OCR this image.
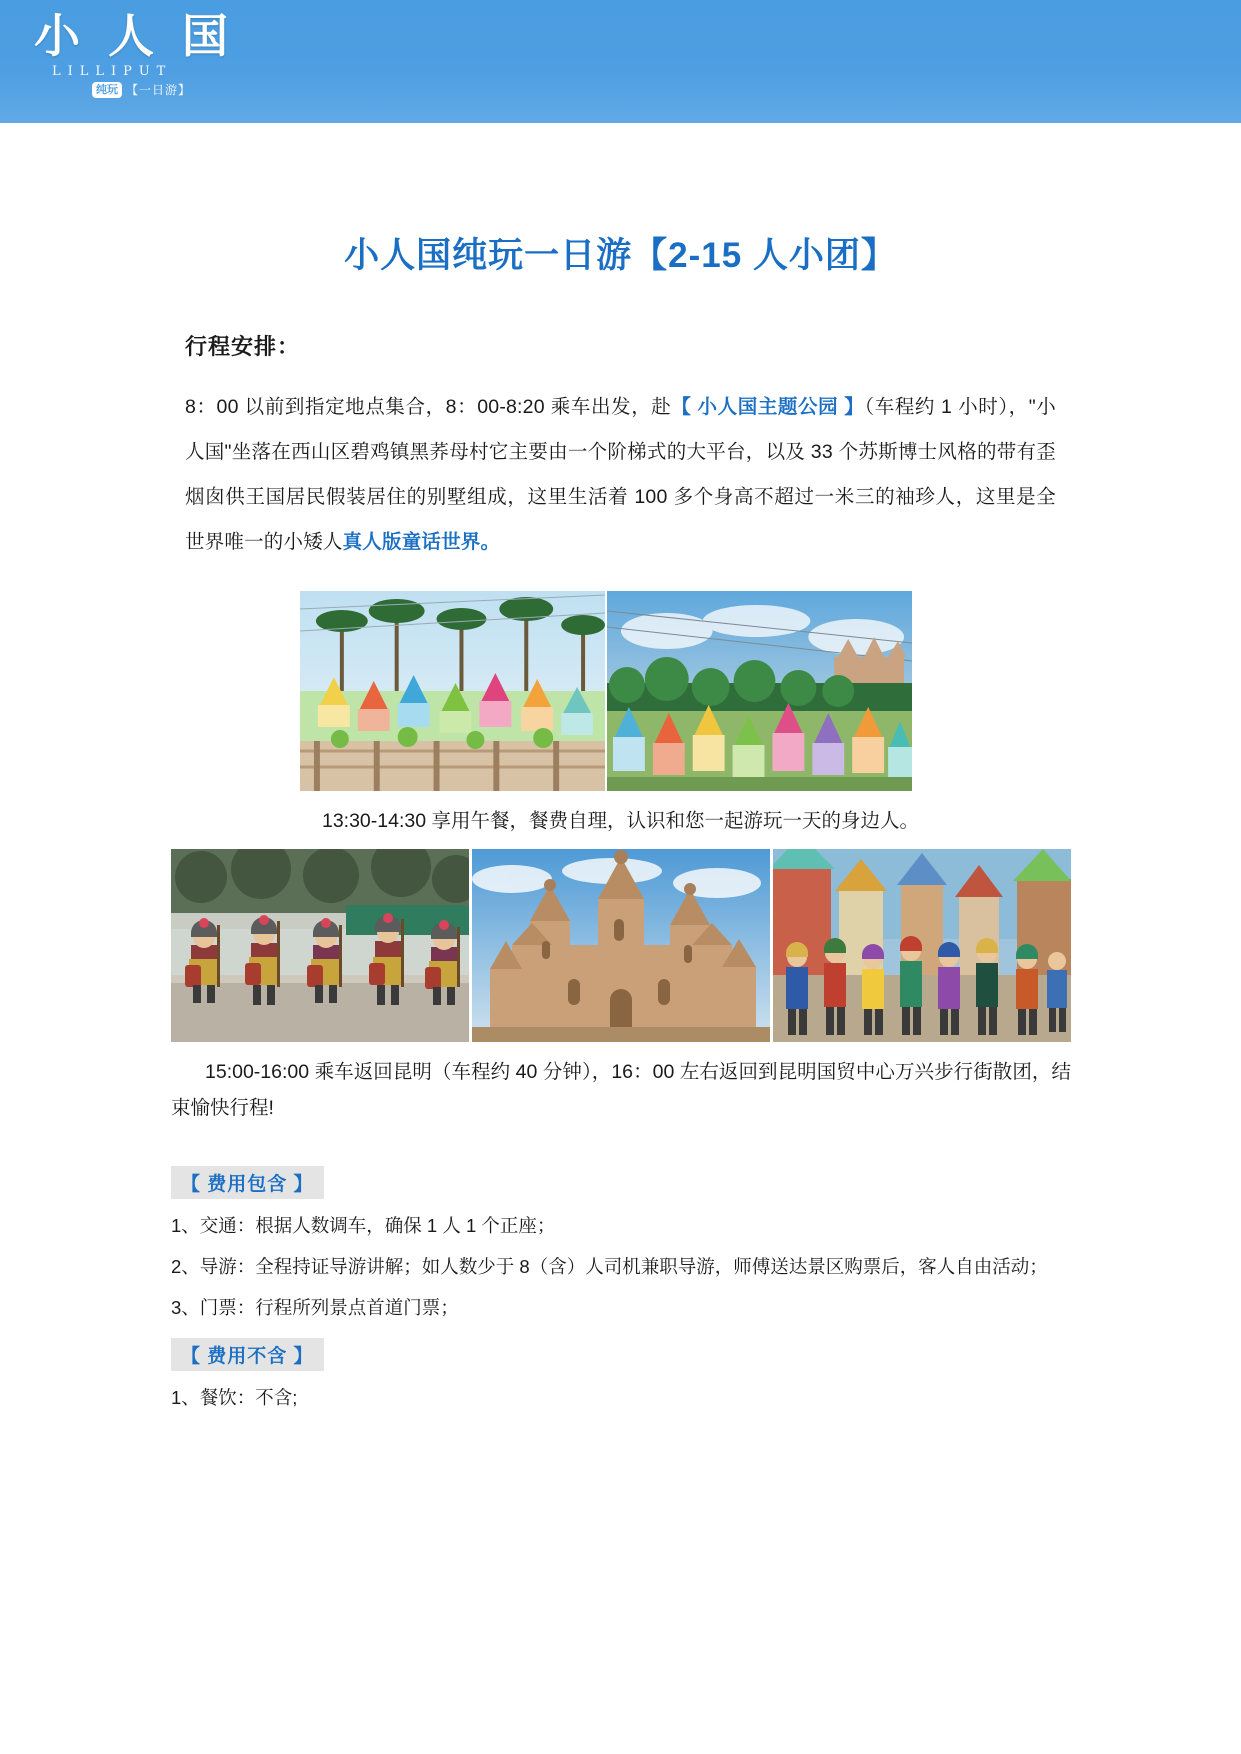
小 人 国
LILLIPUT
纯玩 【一日游】
小人国纯玩一日游【2-15 人小团】
行程安排：

8：00 以前到指定地点集合，8：00-8:20 乘车出发，赴【 小人国主题公园 】（车程约 1 小时），"小人国"坐落在西山区碧鸡镇黑荞母村它主要由一个阶梯式的大平台，以及 33 个苏斯博士风格的带有歪烟囱供王国居民假装居住的别墅组成，这里生活着 100 多个身高不超过一米三的袖珍人，这里是全世界唯一的小矮人真人版童话世界。

13:30-14:30 享用午餐，餐费自理，认识和您一起游玩一天的身边人。

15:00-16:00 乘车返回昆明（车程约 40 分钟），16：00 左右返回到昆明国贸中心万兴步行街散团，结束愉快行程!

【 费用包含 】

1、交通：根据人数调车，确保 1 人 1 个正座；

2、导游：全程持证导游讲解；如人数少于 8（含）人司机兼职导游，师傅送达景区购票后，客人自由活动；

3、门票：行程所列景点首道门票；

【 费用不含 】

1、餐饮：不含;
